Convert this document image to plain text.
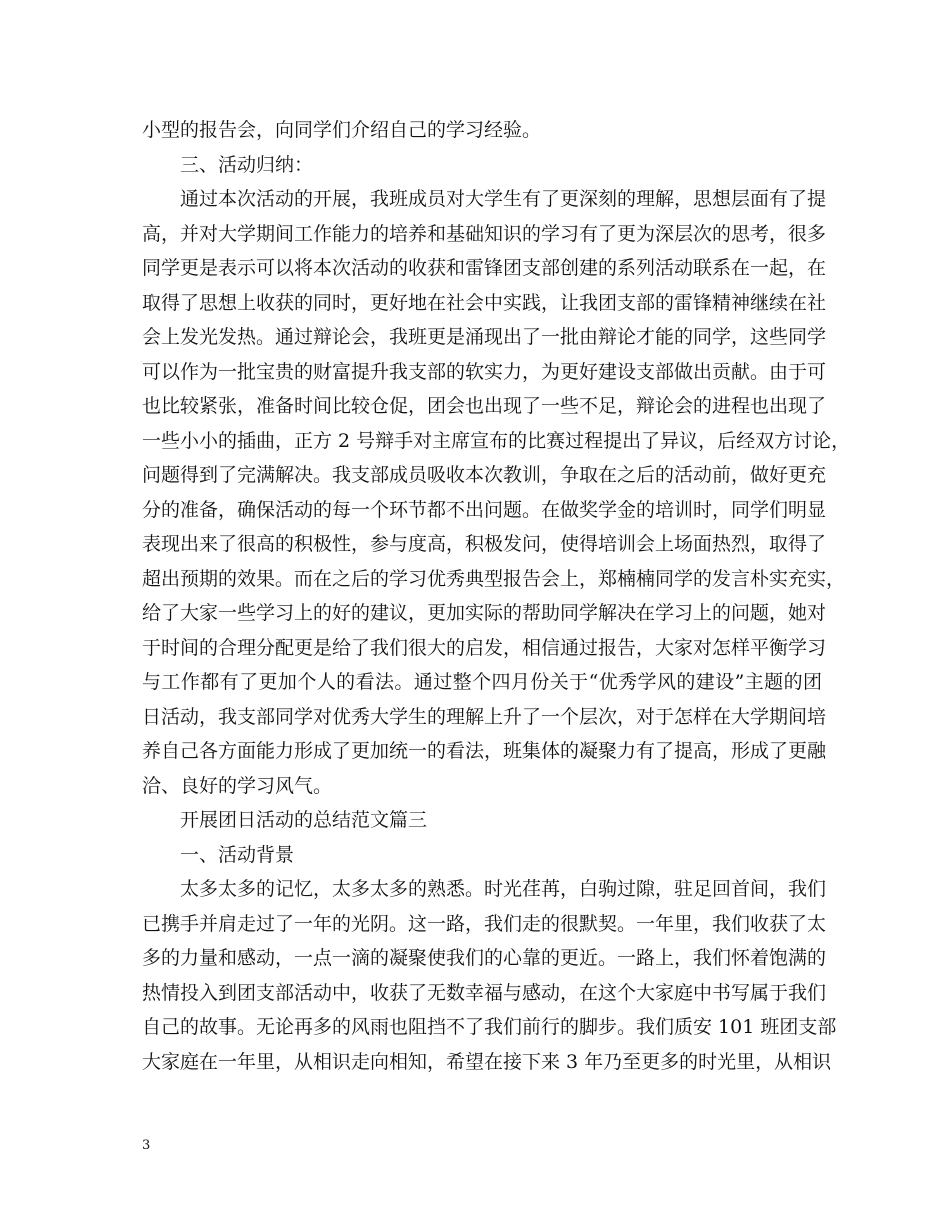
小型的报告会，向同学们介绍自己的学习经验。
三、活动归纳：
通过本次活动的开展，我班成员对大学生有了更深刻的理解，思想层面有了提
高，并对大学期间工作能力的培养和基础知识的学习有了更为深层次的思考，很多
同学更是表示可以将本次活动的收获和雷锋团支部创建的系列活动联系在一起，在
取得了思想上收获的同时，更好地在社会中实践，让我团支部的雷锋精神继续在社
会上发光发热。通过辩论会，我班更是涌现出了一批由辩论才能的同学，这些同学
可以作为一批宝贵的财富提升我支部的软实力，为更好建设支部做出贡献。由于可
也比较紧张，准备时间比较仓促，团会也出现了一些不足，辩论会的进程也出现了
一些小小的插曲，正方 2 号辩手对主席宣布的比赛过程提出了异议，后经双方讨论，
问题得到了完满解决。我支部成员吸收本次教训，争取在之后的活动前，做好更充
分的准备，确保活动的每一个环节都不出问题。在做奖学金的培训时，同学们明显
表现出来了很高的积极性，参与度高，积极发问，使得培训会上场面热烈，取得了
超出预期的效果。而在之后的学习优秀典型报告会上，郑楠楠同学的发言朴实充实，
给了大家一些学习上的好的建议，更加实际的帮助同学解决在学习上的问题，她对
于时间的合理分配更是给了我们很大的启发，相信通过报告，大家对怎样平衡学习
与工作都有了更加个人的看法。通过整个四月份关于“优秀学风的建设”主题的团
日活动，我支部同学对优秀大学生的理解上升了一个层次，对于怎样在大学期间培
养自己各方面能力形成了更加统一的看法，班集体的凝聚力有了提高，形成了更融
洽、良好的学习风气。
开展团日活动的总结范文篇三
一、活动背景
太多太多的记忆，太多太多的熟悉。时光荏苒，白驹过隙，驻足回首间，我们
已携手并肩走过了一年的光阴。这一路，我们走的很默契。一年里，我们收获了太
多的力量和感动，一点一滴的凝聚使我们的心靠的更近。一路上，我们怀着饱满的
热情投入到团支部活动中，收获了无数幸福与感动，在这个大家庭中书写属于我们
自己的故事。无论再多的风雨也阻挡不了我们前行的脚步。我们质安 101 班团支部
大家庭在一年里，从相识走向相知，希望在接下来 3 年乃至更多的时光里，从相识
3
